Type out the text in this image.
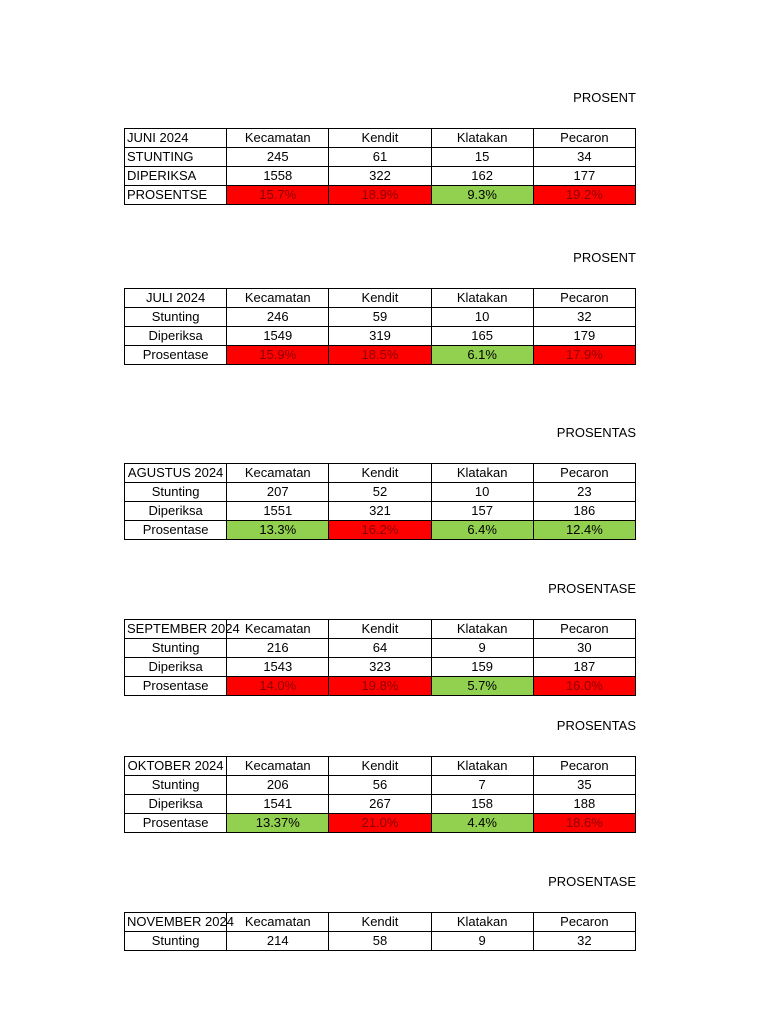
PROSENT
JUNI 2024	Kecamatan	Kendit	Klatakan	Pecaron
STUNTING	245	61	15	34
DIPERIKSA	1558	322	162	177
PROSENTSE	15.7%	18.9%	9.3%	19.2%
PROSENT
JULI 2024	Kecamatan	Kendit	Klatakan	Pecaron
Stunting	246	59	10	32
Diperiksa	1549	319	165	179
Prosentase	15.9%	18.5%	6.1%	17.9%
PROSENTAS
AGUSTUS 2024	Kecamatan	Kendit	Klatakan	Pecaron
Stunting	207	52	10	23
Diperiksa	1551	321	157	186
Prosentase	13.3%	16.2%	6.4%	12.4%
PROSENTASE
SEPTEMBER 2024	Kecamatan	Kendit	Klatakan	Pecaron
Stunting	216	64	9	30
Diperiksa	1543	323	159	187
Prosentase	14.0%	19.8%	5.7%	16.0%
PROSENTAS
OKTOBER 2024	Kecamatan	Kendit	Klatakan	Pecaron
Stunting	206	56	7	35
Diperiksa	1541	267	158	188
Prosentase	13.37%	21.0%	4.4%	18.6%
PROSENTASE
NOVEMBER 2024	Kecamatan	Kendit	Klatakan	Pecaron
Stunting	214	58	9	32
